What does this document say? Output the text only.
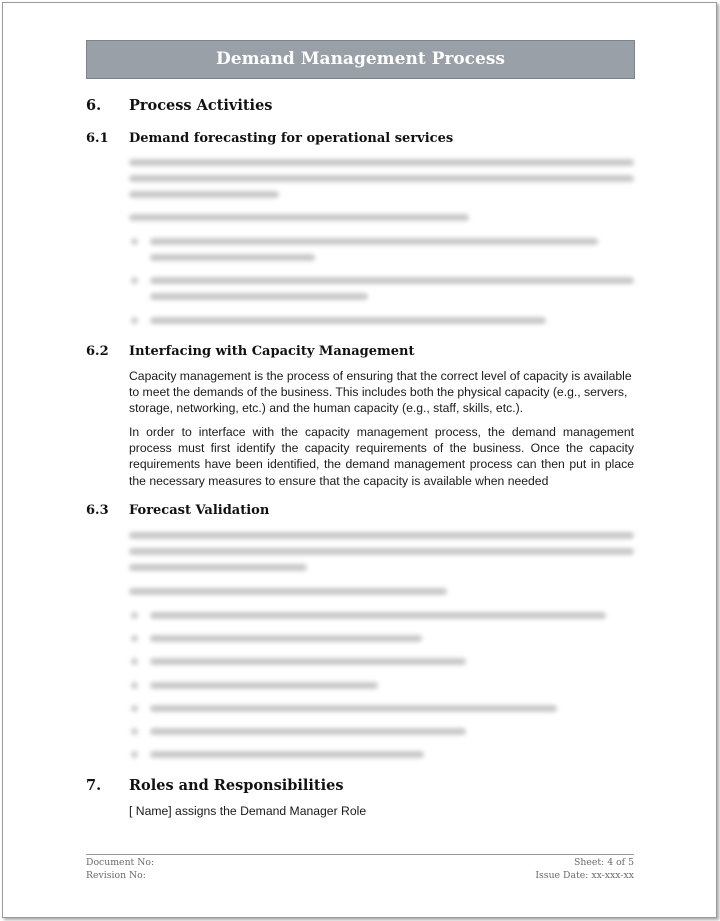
Demand Management Process
6. Process Activities
6.1 Demand forecasting for operational services
6.2 Interfacing with Capacity Management

Capacity management is the process of ensuring that the correct level of capacity is available to meet the demands of the business. This includes both the physical capacity (e.g., servers, storage, networking, etc.) and the human capacity (e.g., staff, skills, etc.).

In order to interface with the capacity management process, the demand management process must first identify the capacity requirements of the business. Once the capacity requirements have been identified, the demand management process can then put in place the necessary measures to ensure that the capacity is available when needed

6.3 Forecast Validation
7. Roles and Responsibilities

[ Name] assigns the Demand Manager Role

Document No:
Revision No:
Sheet: 4 of 5
Issue Date: xx-xxx-xx
